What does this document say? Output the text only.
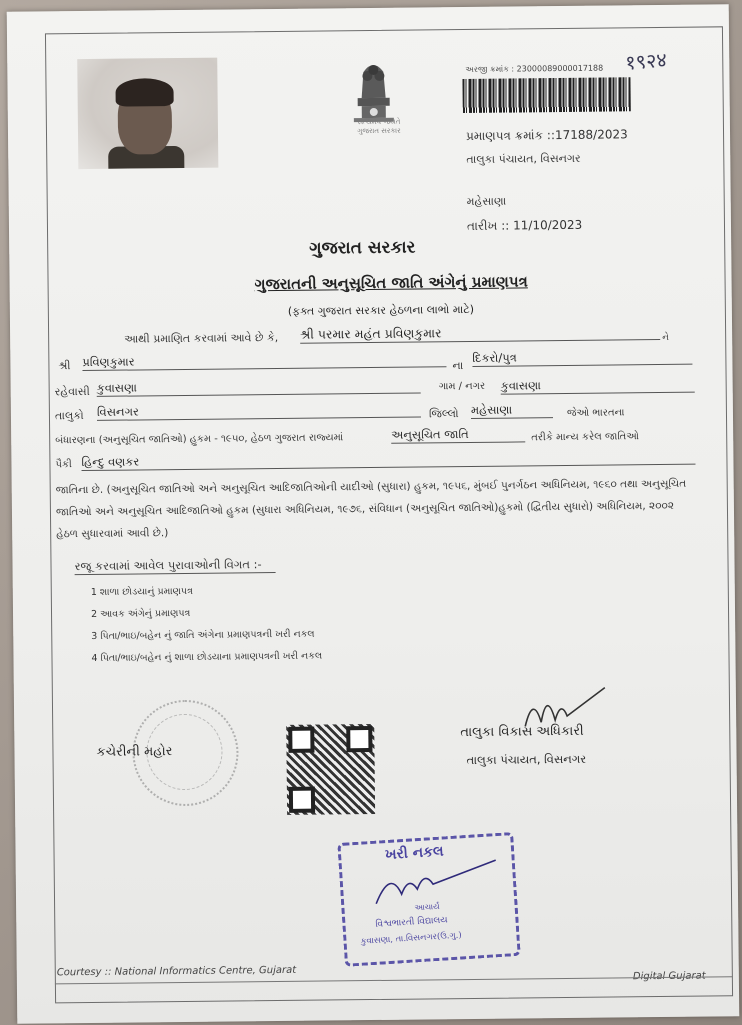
સત્યમેવ જયતે
ગુજરાત સરકાર
અરજી ક્રમાંક : 23000089000017188 १९२४
પ્રમાણપત્ર ક્રમાંક ::17188/2023
તાલુકા પંચાયત, વિસનગર
મહેસાણા
તારીખ :: 11/10/2023
ગુજરાત સરકાર
ગુજરાતની અનુસૂચિત જાતિ અંગેનું પ્રમાણપત્ર
(ફક્ત ગુજરાત સરકાર હેઠળના લાભો માટે)
આથી પ્રમાણિત કરવામાં આવે છે કે, શ્રી પરમાર મહંત પ્રવિણકુમાર	ને
શ્રી પ્રવિણકુમાર	ના
દિકરો/પુત્ર
રહેવાસી કુવાસણા	ગામ / નગર કુવાસણા
તાલુકો વિસનગર	જિલ્લો મહેસાણા	જેઓ ભારતના
બંધારણના (અનુસૂચિત જાતિઓ) હુકમ - ૧૯૫૦, હેઠળ ગુજરાત રાજ્યમાં	અનુસૂચિત જાતિ	તરીકે માન્ય કરેલ જાતિઓ
પૈકી હિન્દુ વણકર
જાતિના છે. (અનુસૂચિત જાતિઓ અને અનુસૂચિત આદિજાતિઓની યાદીઓ (સુધારા) હુકમ, ૧૯૫૬, મુંબઈ પુનર્ગઠન અધિનિયમ, ૧૯૬૦ તથા અનુસૂચિત જાતિઓ અને અનુસૂચિત આદિજાતિઓ હુકમ (સુધારા અધિનિયમ, ૧૯૭૬, સંવિધાન (અનુસૂચિત જાતિઓ)હુકમો (દ્વિતીય સુધારો) અધિનિયમ, ૨૦૦૨ હેઠળ સુધારવામાં આવી છે.)
રજૂ કરવામાં આવેલ પુરાવાઓની વિગત :-
1 શાળા છોડયાનું પ્રમાણપત્ર
2 આવક અંગેનું પ્રમાણપત્ર
3 પિતા/ભાઇ/બહેન નું જાતિ અંગેના પ્રમાણપત્રની ખરી નકલ
4 પિતા/ભાઇ/બહેન નું શાળા છોડયાના પ્રમાણપત્રની ખરી નકલ
કચેરીની મહોર
તાલુકા વિકાસ અધિકારી
તાલુકા પંચાયત, વિસનગર
ખરી નકલ
આચાર્ય
વિશ્વભારતી વિદ્યાલય
કુવાસણા, તા.વિસનગર(ઉ.ગુ.)
Courtesy :: National Informatics Centre, Gujarat	Digital Gujarat
